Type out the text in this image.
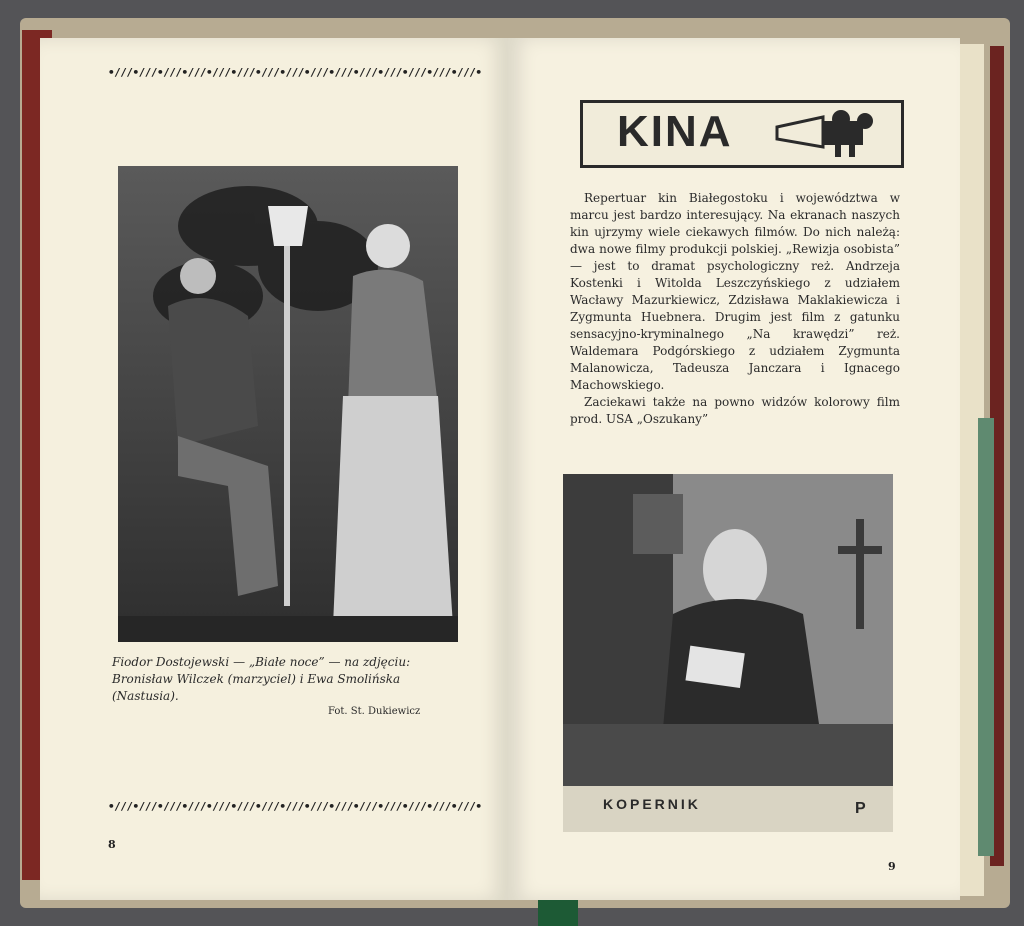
•///•///•///•///•///•///•///•///•///•///•///•///•///•///•///•
Fiodor Dostojewski — „Białe noce” — na zdjęciu: Bronisław Wilczek (marzyciel) i Ewa Smolińska (Nastusia).
Fot. St. Dukiewicz
•///•///•///•///•///•///•///•///•///•///•///•///•///•///•///•
8
KINA

Repertuar kin Białegostoku i województwa w marcu jest bardzo interesujący. Na ekranach naszych kin ujrzymy wiele ciekawych filmów. Do nich należą: dwa nowe filmy produkcji polskiej. „Rewizja osobista” — jest to dramat psychologiczny reż. Andrzeja Kostenki i Witolda Leszczyńskiego z udziałem Wacławy Mazurkiewicz, Zdzisława Maklakiewicza i Zygmunta Huebnera. Drugim jest film z gatunku sensacyjno-kryminalnego „Na krawędzi” reż. Waldemara Podgórskiego z udziałem Zygmunta Malanowicza, Tadeusza Janczara i Ignacego Machowskiego.

Zaciekawi także na powno widzów kolorowy film prod. USA „Oszukany”

KOPERNIK	P
9
